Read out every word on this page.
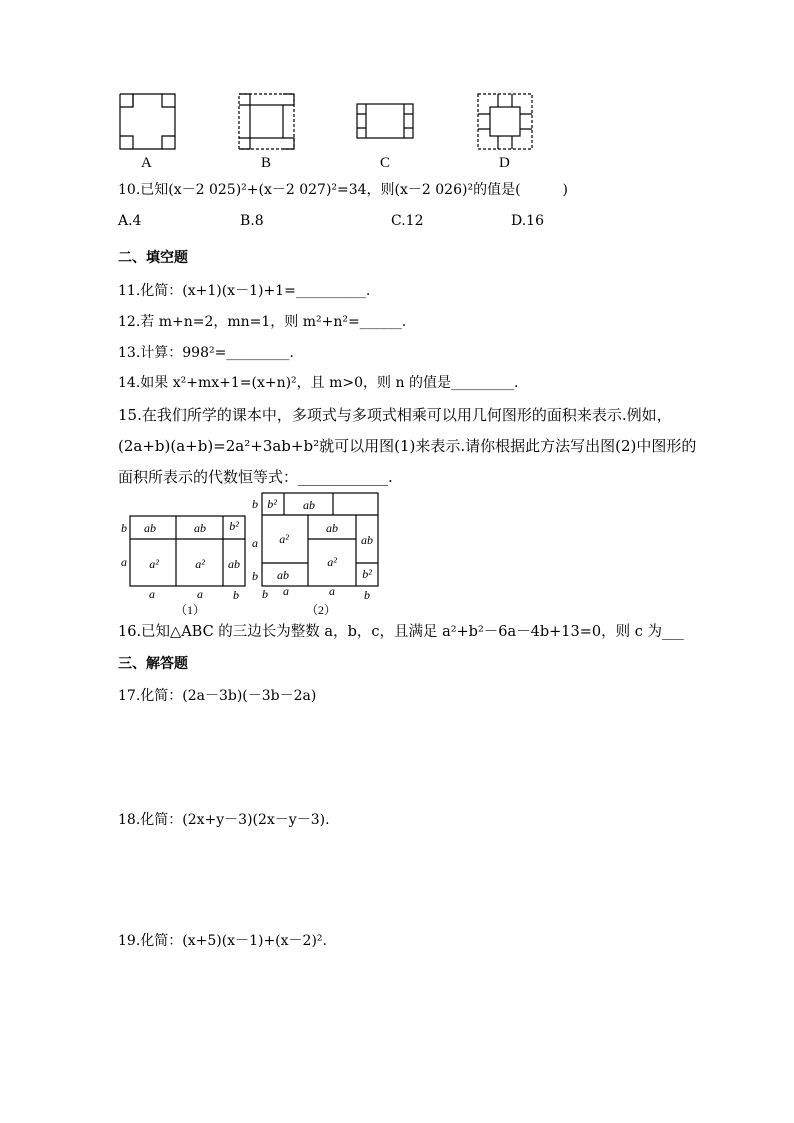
A	B	C	D
10.已知(x－2 025)²+(x－2 027)²=34，则(x－2 026)²的值是(　　　)
A.4	B.8	C.12	D.16
二、填空题
11.化简：(x+1)(x－1)+1=__________.
12.若 m+n=2，mn=1，则 m²+n²=______.
13.计算：998²=_________.
14.如果 x²+mx+1=(x+n)²，且 m>0，则 n 的值是_________.
15.在我们所学的课本中，多项式与多项式相乘可以用几何图形的面积来表示.例如，
(2a+b)(a+b)=2a²+3ab+b²就可以用图(1)来表示.请你根据此方法写出图(2)中图形的
面积所表示的代数恒等式：____________.
ab	ab b²
a²	a² ab
b
a
a	a	b
（1）
b² ab
a²
ab
ab
a²
ab	b²
b
a
b
b a	a b
（2）
16.已知△ABC 的三边长为整数 a，b，c，且满足 a²+b²－6a－4b+13=0，则 c 为___
三、解答题
17.化简：(2a－3b)(－3b－2a)
18.化简：(2x+y－3)(2x－y－3).
19.化简：(x+5)(x－1)+(x－2)².
